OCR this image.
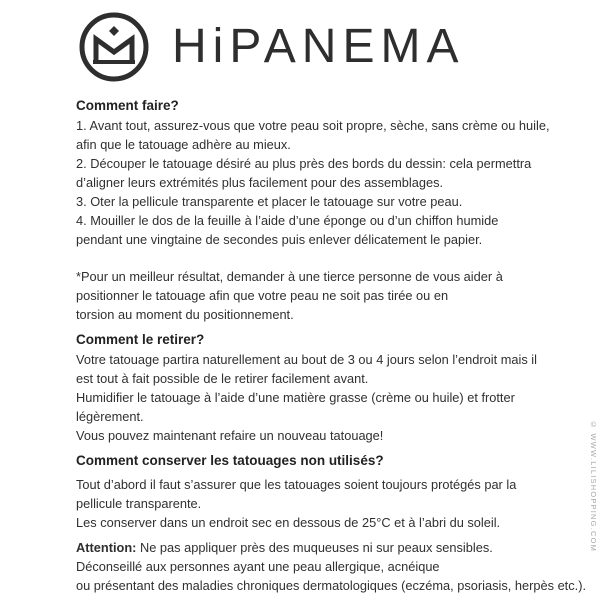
HiPANEMA

Comment faire?

1. Avant tout, assurez-vous que votre peau soit propre, sèche, sans crème ou huile,

afin que le tatouage adhère au mieux.

2. Découper le tatouage désiré au plus près des bords du dessin: cela permettra

d’aligner leurs extrémités plus facilement pour des assemblages.

3. Oter la pellicule transparente et placer le tatouage sur votre peau.

4. Mouiller le dos de la feuille à l’aide d’une éponge ou d’un chiffon humide

pendant une vingtaine de secondes puis enlever délicatement le papier.

*Pour un meilleur résultat, demander à une tierce personne de vous aider à

positionner le tatouage afin que votre peau ne soit pas tirée ou en

torsion au moment du positionnement.

Comment le retirer?

Votre tatouage partira naturellement au bout de 3 ou 4 jours selon l’endroit mais il

est tout à fait possible de le retirer facilement avant.

Humidifier le tatouage à l’aide d’une matière grasse (crème ou huile) et frotter

légèrement.

Vous pouvez maintenant refaire un nouveau tatouage!

Comment conserver les tatouages non utilisés?

Tout d’abord il faut s’assurer que les tatouages soient toujours protégés par la

pellicule transparente.

Les conserver dans un endroit sec en dessous de 25°C et à l’abri du soleil.

Attention: Ne pas appliquer près des muqueuses ni sur peaux sensibles.

Déconseillé aux personnes ayant une peau allergique, acnéique

ou présentant des maladies chroniques dermatologiques (eczéma, psoriasis, herpès etc.).

© WWW.LILISHOPPING.COM
